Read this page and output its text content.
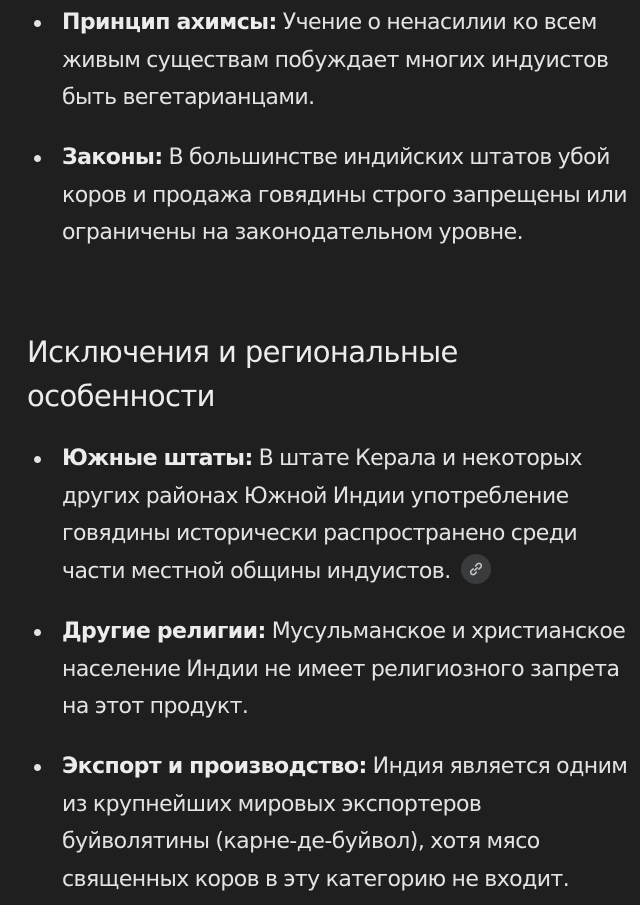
Принцип ахимсы: Учение о ненасилии ко всем живым существам побуждает многих индуистов быть вегетарианцами.
Законы: В большинстве индийских штатов убой коров и продажа говядины строго запрещены или ограничены на законодательном уровне.
Исключения и региональные особенности
Южные штаты: В штате Керала и некоторых других районах Южной Индии употребление говядины исторически распространено среди части местной общины индуистов.
Другие религии: Мусульманское и христианское население Индии не имеет религиозного запрета на этот продукт.
Экспорт и производство: Индия является одним из крупнейших мировых экспортеров буйволятины (карне-де-буйвол), хотя мясо священных коров в эту категорию не входит.
